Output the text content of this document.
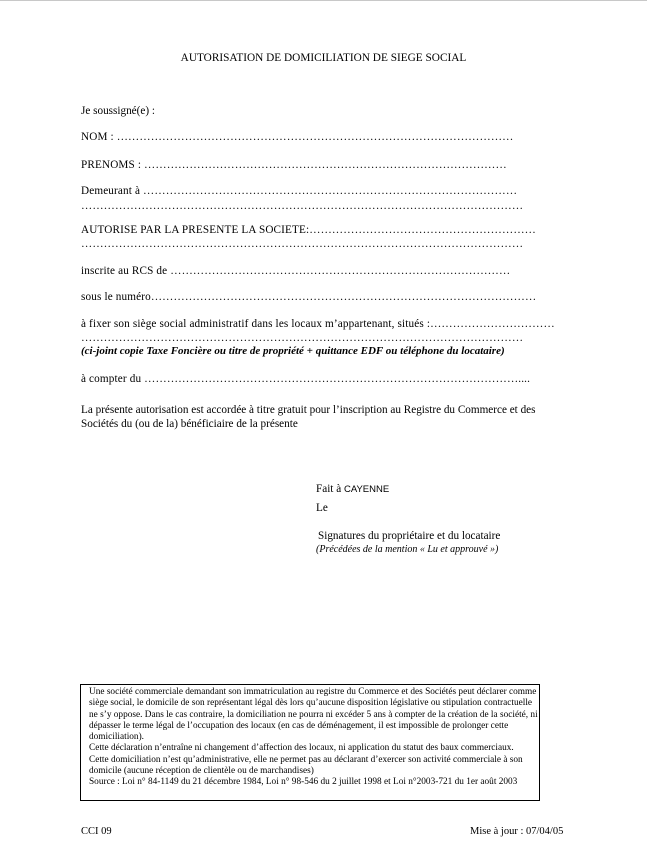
AUTORISATION DE DOMICILIATION DE SIEGE SOCIAL
Je soussigné(e) :
NOM : ……………………………………………………………………………………………
PRENOMS : ……………………………………………………………………………………
Demeurant à ………………………………………………………………………………………
………………………………………………………………………………………………………
AUTORISE PAR LA PRESENTE LA SOCIETE:……………………………………………………
………………………………………………………………………………………………………
inscrite au RCS de ………………………………………………………………………………
sous le numéro…………………………………………………………………………………………
à fixer son siège social administratif dans les locaux m’appartenant, situés :……………………………
………………………………………………………………………………………………………
(ci-joint copie Taxe Foncière ou titre de propriété + quittance EDF ou téléphone du locataire)
à compter du ………………………………………………………………………………………....
La présente autorisation est accordée à titre gratuit pour l’inscription au Registre du Commerce et des Sociétés du (ou de la) bénéficiaire de la présente
Fait à CAYENNE
Le
Signatures du propriétaire et du locataire
(Précédées de la mention « Lu et approuvé »)

Une société commerciale demandant son immatriculation au registre du Commerce et des Sociétés peut déclarer comme siège social, le domicile de son représentant légal dès lors qu’aucune disposition législative ou stipulation contractuelle ne s’y oppose. Dans le cas contraire, la domiciliation ne pourra ni excéder 5 ans à compter de la création de la société, ni dépasser le terme légal de l’occupation des locaux (en cas de déménagement, il est impossible de prolonger cette domiciliation).

Cette déclaration n’entraîne ni changement d’affection des locaux, ni application du statut des baux commerciaux.

Cette domiciliation n’est qu’administrative, elle ne permet pas au déclarant d’exercer son activité commerciale à son domicile (aucune réception de clientèle ou de marchandises)

Source : Loi n° 84-1149 du 21 décembre 1984, Loi n° 98-546 du 2 juillet 1998 et Loi n°2003-721 du 1er août 2003

CCI 09	Mise à jour : 07/04/05
